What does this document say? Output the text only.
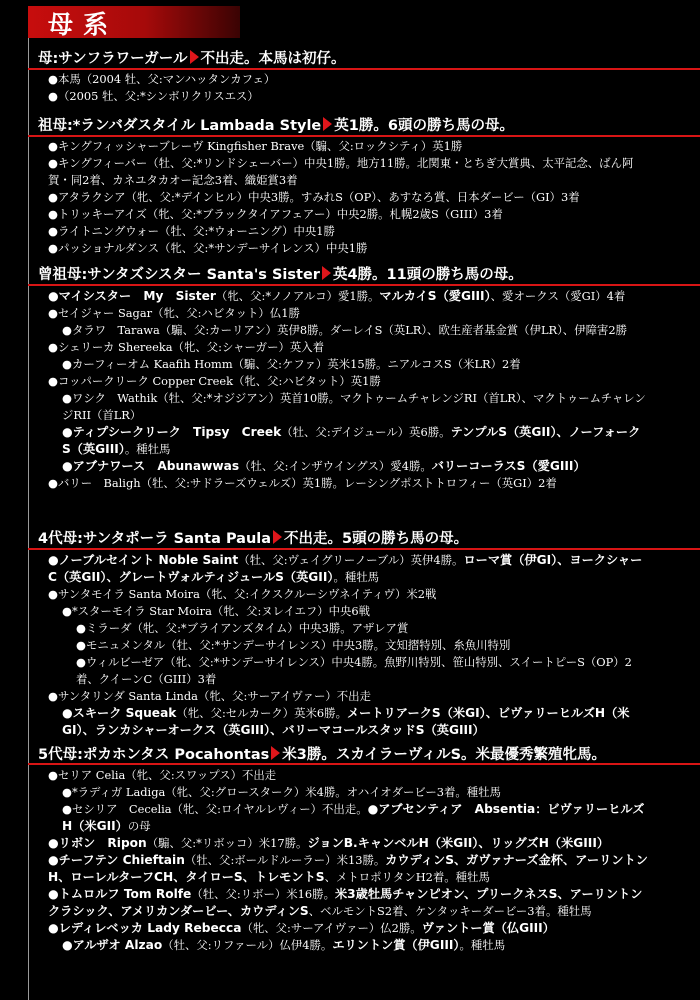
母系
母:サンフラワーガール 不出走。本馬は初仔。

●本馬（2004 牡、父:マンハッタンカフェ）

●（2005 牡、父:*シンボリクリスエス）

祖母:*ランバダスタイル Lambada Style 英1勝。6頭の勝ち馬の母。

●キングフィッシャーブレーヴ Kingfisher Brave（騸、父:ロックシティ）英1勝

●キングフィーバー（牡、父:*リンドシェーバー）中央1勝。地方11勝。北関東・とちぎ大賞典、太平記念、ばん阿賀・同2着、カネユタカオー記念3着、織姫賞3着

●アタラクシア（牝、父:*デインヒル）中央3勝。すみれS（OP）、あすなろ賞、日本ダービー（GI）3着

●トリッキーアイズ（牝、父:*ブラックタイアフェアー）中央2勝。札幌2歳S（GIII）3着

●ライトニングウォー（牡、父:*ウォーニング）中央1勝

●パッショナルダンス（牝、父:*サンデーサイレンス）中央1勝

曾祖母:サンタズシスター Santa's Sister 英4勝。11頭の勝ち馬の母。

●マイシスター　My　Sister（牝、父:*ノノアルコ）愛1勝。マルカイS（愛GIII）、愛オークス（愛GI）4着

●セイジャー Sagar（牝、父:ハビタット）仏1勝

●タラワ　Tarawa（騸、父:カーリアン）英伊8勝。ダーレイS（英LR）、欧生産者基金賞（伊LR）、伊障害2勝

●シェリーカ Shereeka（牝、父:シャーガー）英入着

●カーフィーオム Kaafih Homm（騸、父:ケファ）英米15勝。ニアルコスS（米LR）2着

●コッパークリーク Copper Creek（牝、父:ハビタット）英1勝

●ワシク　Wathik（牡、父:*オジジアン）英首10勝。マクトゥームチャレンジRI（首LR）、マクトゥームチャレンジRII（首LR）

●ティプシークリーク　Tipsy　Creek（牡、父:デイジュール）英6勝。テンプルS（英GII）、ノーフォークS（英GIII）。種牡馬

●アブナワース　Abunawwas（牡、父:インザウイングス）愛4勝。バリーコーラスS（愛GIII）

●バリー　Baligh（牡、父:サドラーズウェルズ）英1勝。レーシングポストトロフィー（英GI）2着

4代母:サンタポーラ Santa Paula 不出走。5頭の勝ち馬の母。

●ノーブルセイント Noble Saint（牡、父:ヴェイグリーノーブル）英伊4勝。ローマ賞（伊GI）、ヨークシャーC（英GII）、グレートヴォルティジュールS（英GII）。種牡馬

●サンタモイラ Santa Moira（牝、父:イクスクルーシヴネイティヴ）米2戦

●*スターモイラ Star Moira（牝、父:ヌレイエフ）中央6戦

●ミラーダ（牝、父:*ブライアンズタイム）中央3勝。アザレア賞

●モニュメンタル（牡、父:*サンデーサイレンス）中央3勝。文知摺特別、糸魚川特別

●ウィルビーゼア（牝、父:*サンデーサイレンス）中央4勝。魚野川特別、笹山特別、スイートピーS（OP）2着、クイーンC（GIII）3着

●サンタリンダ Santa Linda（牝、父:サーアイヴァー）不出走

●スキーク Squeak（牝、父:セルカーク）英米6勝。メートリアークS（米GI）、ビヴァリーヒルズH（米GI）、ランカシャーオークス（英GIII）、バリーマコールスタッドS（英GIII）

5代母:ポカホンタス Pocahontas 米3勝。スカイラーヴィルS。米最優秀繁殖牝馬。

●セリア Celia（牝、父:スワップス）不出走

●*ラディガ Ladiga（牝、父:グロースターク）米4勝。オハイオダービー3着。種牡馬

●セシリア　Cecelia（牝、父:ロイヤルレヴィー）不出走。●アブセンティア　Absentia：ビヴァリーヒルズH（米GII）の母

●リボン　Ripon（騸、父:*リボッコ）米17勝。ジョンB.キャンベルH（米GII）、リッグズH（米GIII）

●チーフテン Chieftain（牡、父:ボールドルーラー）米13勝。カウディンS、ガヴァナーズ金杯、アーリントンH、ローレルターフCH、タイローS、トレモントS、メトロポリタンH2着。種牡馬

●トムロルフ Tom Rolfe（牡、父:リボー）米16勝。米3歳牡馬チャンピオン、プリークネスS、アーリントンクラシック、アメリカンダービー、カウディンS、ベルモントS2着、ケンタッキーダービー3着。種牡馬

●レディレベッカ Lady Rebecca（牝、父:サーアイヴァー）仏2勝。ヴァントー賞（仏GIII）

●アルザオ Alzao（牡、父:リファール）仏伊4勝。エリントン賞（伊GIII）。種牡馬
